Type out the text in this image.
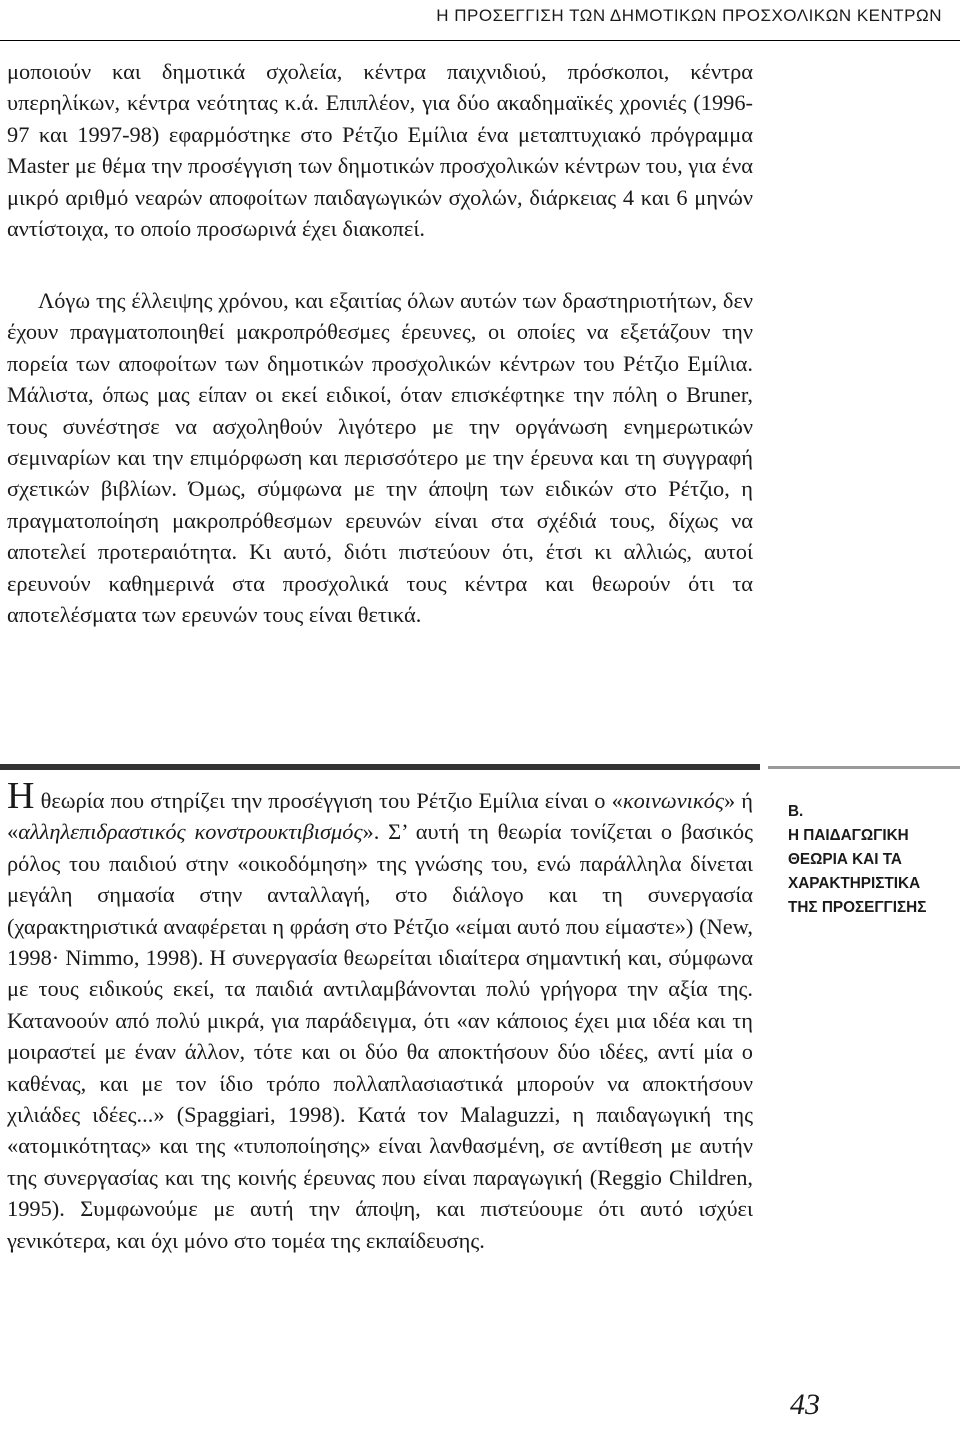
Η ΠΡΟΣΕΓΓΙΣΗ ΤΩΝ ΔΗΜΟΤΙΚΩΝ ΠΡΟΣΧΟΛΙΚΩΝ ΚΕΝΤΡΩΝ

μοποιούν και δημοτικά σχολεία, κέντρα παιχνιδιού, πρόσκοποι, κέντρα υπερηλίκων, κέντρα νεότητας κ.ά. Επιπλέον, για δύο ακαδημαϊκές χρονιές (1996-97 και 1997-98) εφαρμόστηκε στο Ρέτζιο Εμίλια ένα μεταπτυχιακό πρόγραμμα Master με θέμα την προσέγγιση των δημοτικών προσχολικών κέντρων του, για ένα μικρό αριθμό νεαρών αποφοίτων παιδαγωγικών σχολών, διάρκειας 4 και 6 μηνών αντίστοιχα, το οποίο προσωρινά έχει διακοπεί.

Λόγω της έλλειψης χρόνου, και εξαιτίας όλων αυτών των δραστηριοτήτων, δεν έχουν πραγματοποιηθεί μακροπρόθεσμες έρευνες, οι οποίες να εξετάζουν την πορεία των αποφοίτων των δημοτικών προσχολικών κέντρων του Ρέτζιο Εμίλια. Μάλιστα, όπως μας είπαν οι εκεί ειδικοί, όταν επισκέφτηκε την πόλη ο Bruner, τους συνέστησε να ασχοληθούν λιγότερο με την οργάνωση ενημερωτικών σεμιναρίων και την επιμόρφωση και περισσότερο με την έρευνα και τη συγγραφή σχετικών βιβλίων. Όμως, σύμφωνα με την άποψη των ειδικών στο Ρέτζιο, η πραγματοποίηση μακροπρόθεσμων ερευνών είναι στα σχέδιά τους, δίχως να αποτελεί προτεραιότητα. Κι αυτό, διότι πιστεύουν ότι, έτσι κι αλλιώς, αυτοί ερευνούν καθημερινά στα προσχολικά τους κέντρα και θεωρούν ότι τα αποτελέσματα των ερευνών τους είναι θετικά.

Η θεωρία που στηρίζει την προσέγγιση του Ρέτζιο Εμίλια είναι ο «κοινωνικός» ή «αλληλεπιδραστικός κονστρουκτιβισμός». Σ’ αυτή τη θεωρία τονίζεται ο βασικός ρόλος του παιδιού στην «οικοδόμηση» της γνώσης του, ενώ παράλληλα δίνεται μεγάλη σημασία στην ανταλλαγή, στο διάλογο και τη συνεργασία (χαρακτηριστικά αναφέρεται η φράση στο Ρέτζιο «είμαι αυτό που είμαστε») (New, 1998· Nimmo, 1998). Η συνεργασία θεωρείται ιδιαίτερα σημαντική και, σύμφωνα με τους ειδικούς εκεί, τα παιδιά αντιλαμβάνονται πολύ γρήγορα την αξία της. Κατανοούν από πολύ μικρά, για παράδειγμα, ότι «αν κάποιος έχει μια ιδέα και τη μοιραστεί με έναν άλλον, τότε και οι δύο θα αποκτήσουν δύο ιδέες, αντί μία ο καθένας, και με τον ίδιο τρόπο πολλαπλασιαστικά μπορούν να αποκτήσουν χιλιάδες ιδέες...» (Spaggiari, 1998). Κατά τον Malaguzzi, η παιδαγωγική της «ατομικότητας» και της «τυποποίησης» είναι λανθασμένη, σε αντίθεση με αυτήν της συνεργασίας και της κοινής έρευνας που είναι παραγωγική (Reggio Children, 1995). Συμφωνούμε με αυτή την άποψη, και πιστεύουμε ότι αυτό ισχύει γενικότερα, και όχι μόνο στο τομέα της εκπαίδευσης.

B.
Η ΠΑΙΔΑΓΩΓΙΚΗ
ΘΕΩΡΙΑ ΚΑΙ ΤΑ
ΧΑΡΑΚΤΗΡΙΣΤΙΚΑ
ΤΗΣ ΠΡΟΣΕΓΓΙΣΗΣ
43
